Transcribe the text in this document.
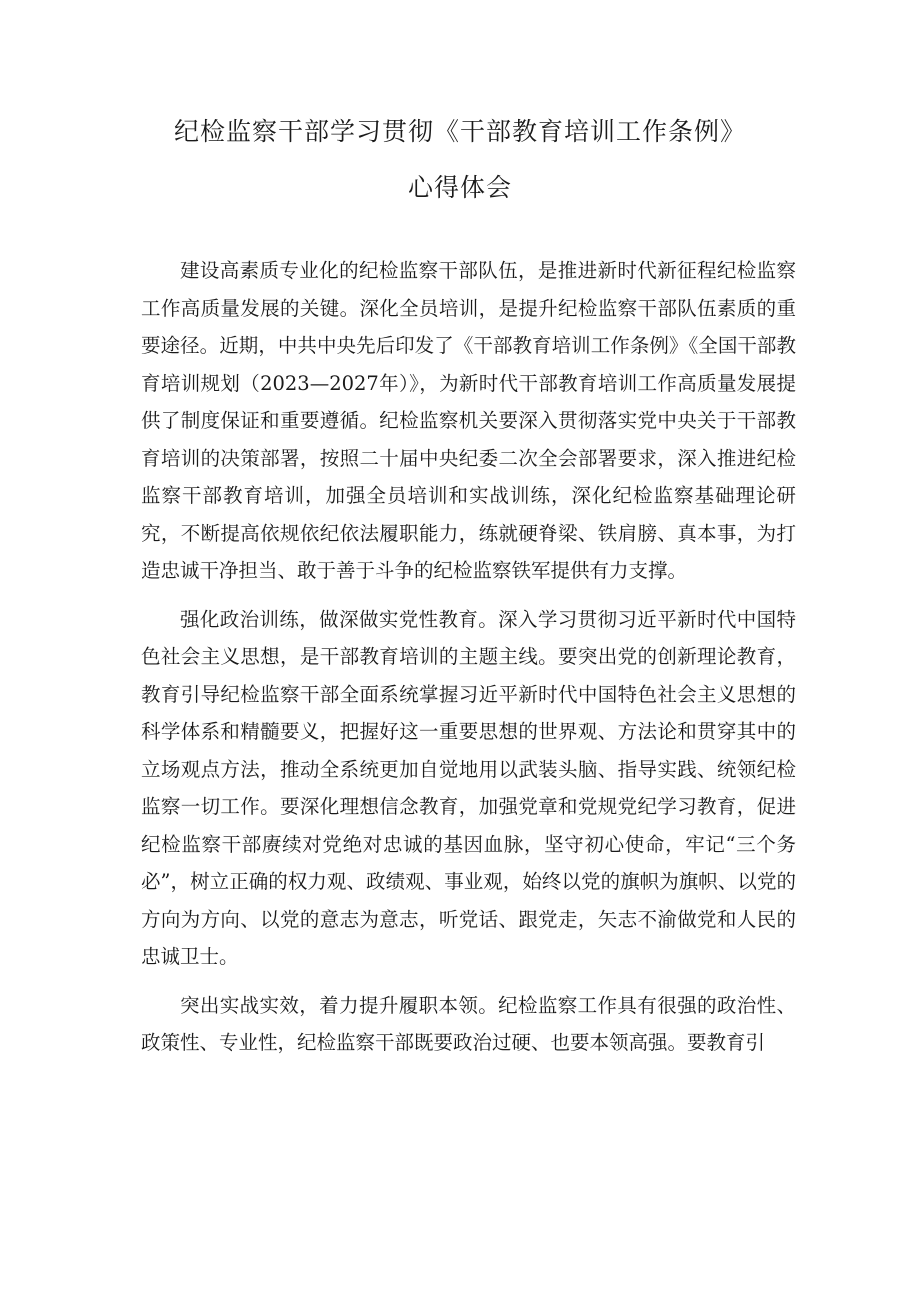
纪检监察干部学习贯彻《干部教育培训工作条例》
心得体会

建设高素质专业化的纪检监察干部队伍，是推进新时代新征程纪检监察工作高质量发展的关键。深化全员培训，是提升纪检监察干部队伍素质的重要途径。近期，中共中央先后印发了《干部教育培训工作条例》《全国干部教育培训规划（2023—2027年）》，为新时代干部教育培训工作高质量发展提供了制度保证和重要遵循。纪检监察机关要深入贯彻落实党中央关于干部教育培训的决策部署，按照二十届中央纪委二次全会部署要求，深入推进纪检监察干部教育培训，加强全员培训和实战训练，深化纪检监察基础理论研究，不断提高依规依纪依法履职能力，练就硬脊梁、铁肩膀、真本事，为打造忠诚干净担当、敢于善于斗争的纪检监察铁军提供有力支撑。

强化政治训练，做深做实党性教育。深入学习贯彻习近平新时代中国特色社会主义思想，是干部教育培训的主题主线。要突出党的创新理论教育，教育引导纪检监察干部全面系统掌握习近平新时代中国特色社会主义思想的科学体系和精髓要义，把握好这一重要思想的世界观、方法论和贯穿其中的立场观点方法，推动全系统更加自觉地用以武装头脑、指导实践、统领纪检监察一切工作。要深化理想信念教育，加强党章和党规党纪学习教育，促进纪检监察干部赓续对党绝对忠诚的基因血脉，坚守初心使命，牢记“三个务必”，树立正确的权力观、政绩观、事业观，始终以党的旗帜为旗帜、以党的方向为方向、以党的意志为意志，听党话、跟党走，矢志不渝做党和人民的忠诚卫士。

突出实战实效，着力提升履职本领。纪检监察工作具有很强的政治性、政策性、专业性，纪检监察干部既要政治过硬、也要本领高强。要教育引
